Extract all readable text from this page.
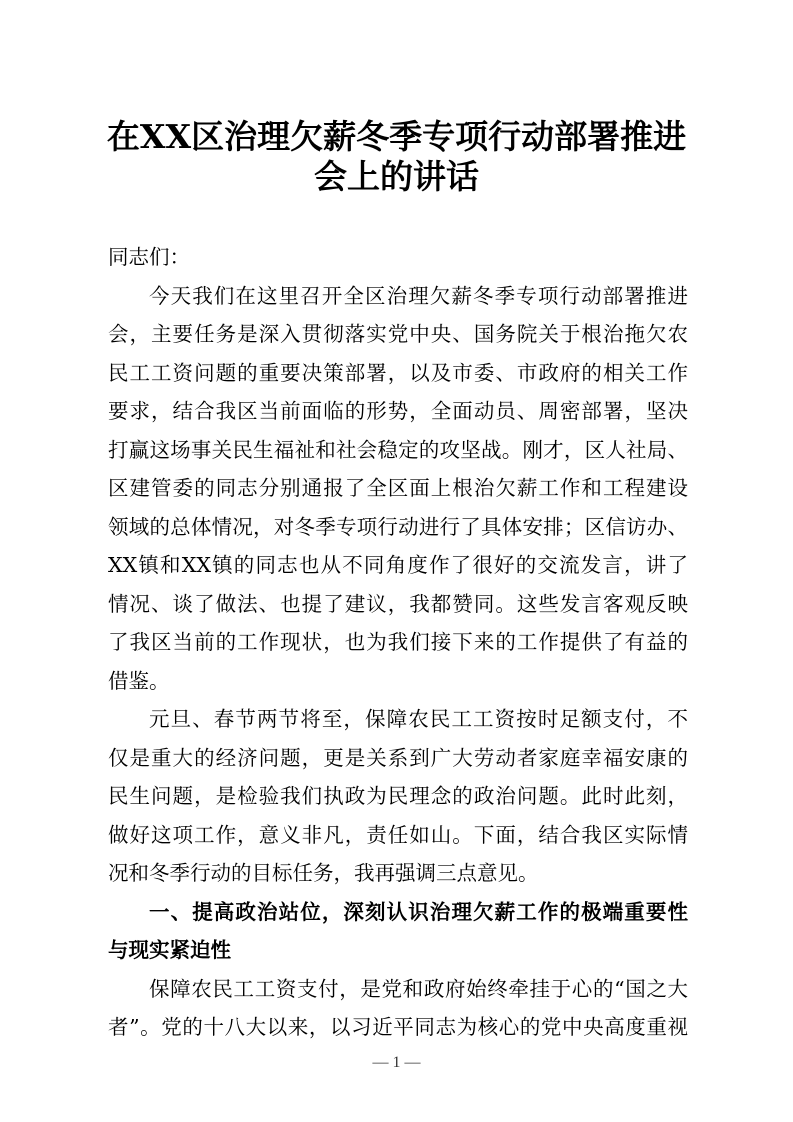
在XX区治理欠薪冬季专项行动部署推进
会上的讲话
同志们：
今天我们在这里召开全区治理欠薪冬季专项行动部署推进
会，主要任务是深入贯彻落实党中央、国务院关于根治拖欠农
民工工资问题的重要决策部署，以及市委、市政府的相关工作
要求，结合我区当前面临的形势，全面动员、周密部署，坚决
打赢这场事关民生福祉和社会稳定的攻坚战。刚才，区人社局、
区建管委的同志分别通报了全区面上根治欠薪工作和工程建设
领域的总体情况，对冬季专项行动进行了具体安排；区信访办、
XX镇和XX镇的同志也从不同角度作了很好的交流发言，讲了
情况、谈了做法、也提了建议，我都赞同。这些发言客观反映
了我区当前的工作现状，也为我们接下来的工作提供了有益的
借鉴。
元旦、春节两节将至，保障农民工工资按时足额支付，不
仅是重大的经济问题，更是关系到广大劳动者家庭幸福安康的
民生问题，是检验我们执政为民理念的政治问题。此时此刻，
做好这项工作，意义非凡，责任如山。下面，结合我区实际情
况和冬季行动的目标任务，我再强调三点意见。
一、提高政治站位，深刻认识治理欠薪工作的极端重要性
与现实紧迫性
保障农民工工资支付，是党和政府始终牵挂于心的“国之大
者”。党的十八大以来，以习近平同志为核心的党中央高度重视
— 1 —
